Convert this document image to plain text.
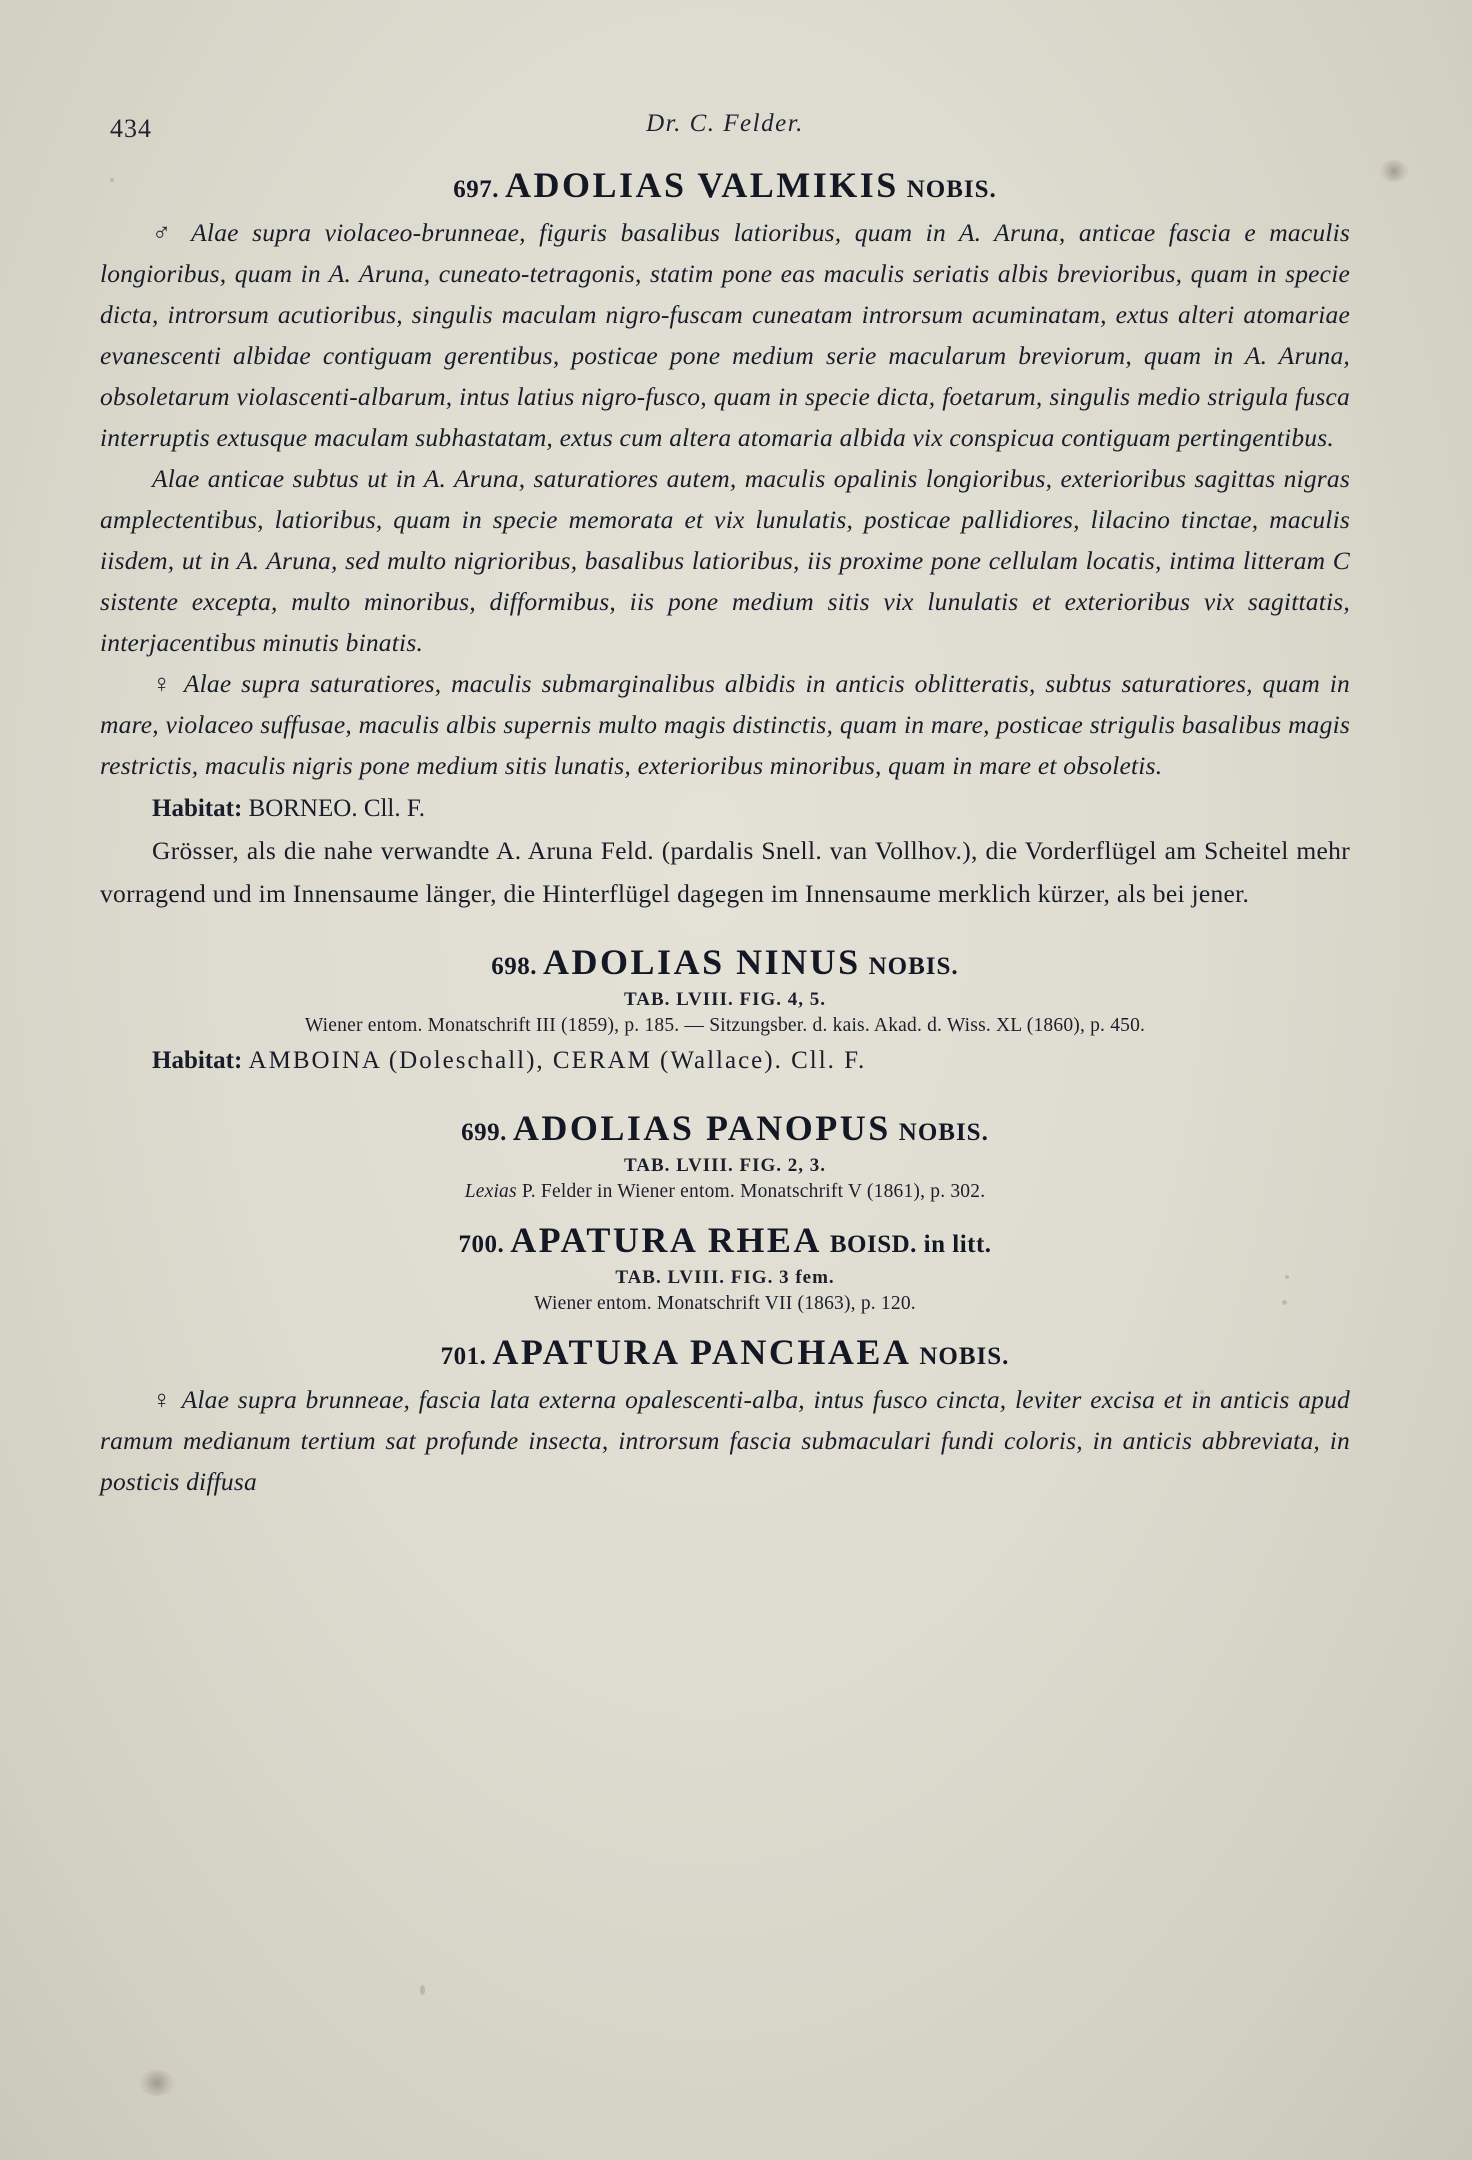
434	Dr. C. Felder.
697. ADOLIAS VALMIKIS NOBIS.

♂ Alae supra violaceo-brunneae, figuris basalibus latioribus, quam in A. Aruna, anticae fascia e maculis longioribus, quam in A. Aruna, cuneato-tetragonis, statim pone eas maculis seriatis albis brevioribus, quam in specie dicta, introrsum acutioribus, singulis maculam nigro-fuscam cuneatam introrsum acuminatam, extus alteri atomariae evanescenti albidae contiguam gerentibus, posticae pone medium serie macularum breviorum, quam in A. Aruna, obsoletarum violascenti-albarum, intus latius nigro-fusco, quam in specie dicta, foetarum, singulis medio strigula fusca interruptis extusque maculam subhastatam, extus cum altera atomaria albida vix conspicua contiguam pertingentibus.

Alae anticae subtus ut in A. Aruna, saturatiores autem, maculis opalinis longioribus, exterioribus sagittas nigras amplectentibus, latioribus, quam in specie memorata et vix lunulatis, posticae pallidiores, lilacino tinctae, maculis iisdem, ut in A. Aruna, sed multo nigrioribus, basalibus latioribus, iis proxime pone cellulam locatis, intima litteram C sistente excepta, multo minoribus, difformibus, iis pone medium sitis vix lunulatis et exterioribus vix sagittatis, interjacentibus minutis binatis.

♀ Alae supra saturatiores, maculis submarginalibus albidis in anticis oblitteratis, subtus saturatiores, quam in mare, violaceo suffusae, maculis albis supernis multo magis distinctis, quam in mare, posticae strigulis basalibus magis restrictis, maculis nigris pone medium sitis lunatis, exterioribus minoribus, quam in mare et obsoletis.

Habitat: BORNEO. Cll. F.

Grösser, als die nahe verwandte A. Aruna Feld. (pardalis Snell. van Vollhov.), die Vorderflügel am Scheitel mehr vorragend und im Innensaume länger, die Hinterflügel dagegen im Innensaume merklich kürzer, als bei jener.

698. ADOLIAS NINUS NOBIS.
TAB. LVIII. FIG. 4, 5.
Wiener entom. Monatschrift III (1859), p. 185. — Sitzungsber. d. kais. Akad. d. Wiss. XL (1860), p. 450.

Habitat: AMBOINA (Doleschall), CERAM (Wallace). Cll. F.

699. ADOLIAS PANOPUS NOBIS.
TAB. LVIII. FIG. 2, 3.
Lexias P. Felder in Wiener entom. Monatschrift V (1861), p. 302.
700. APATURA RHEA BOISD. in litt.
TAB. LVIII. FIG. 3 fem.
Wiener entom. Monatschrift VII (1863), p. 120.
701. APATURA PANCHAEA NOBIS.

♀ Alae supra brunneae, fascia lata externa opalescenti-alba, intus fusco cincta, leviter excisa et in anticis apud ramum medianum tertium sat profunde insecta, introrsum fascia submaculari fundi coloris, in anticis abbreviata, in posticis diffusa
